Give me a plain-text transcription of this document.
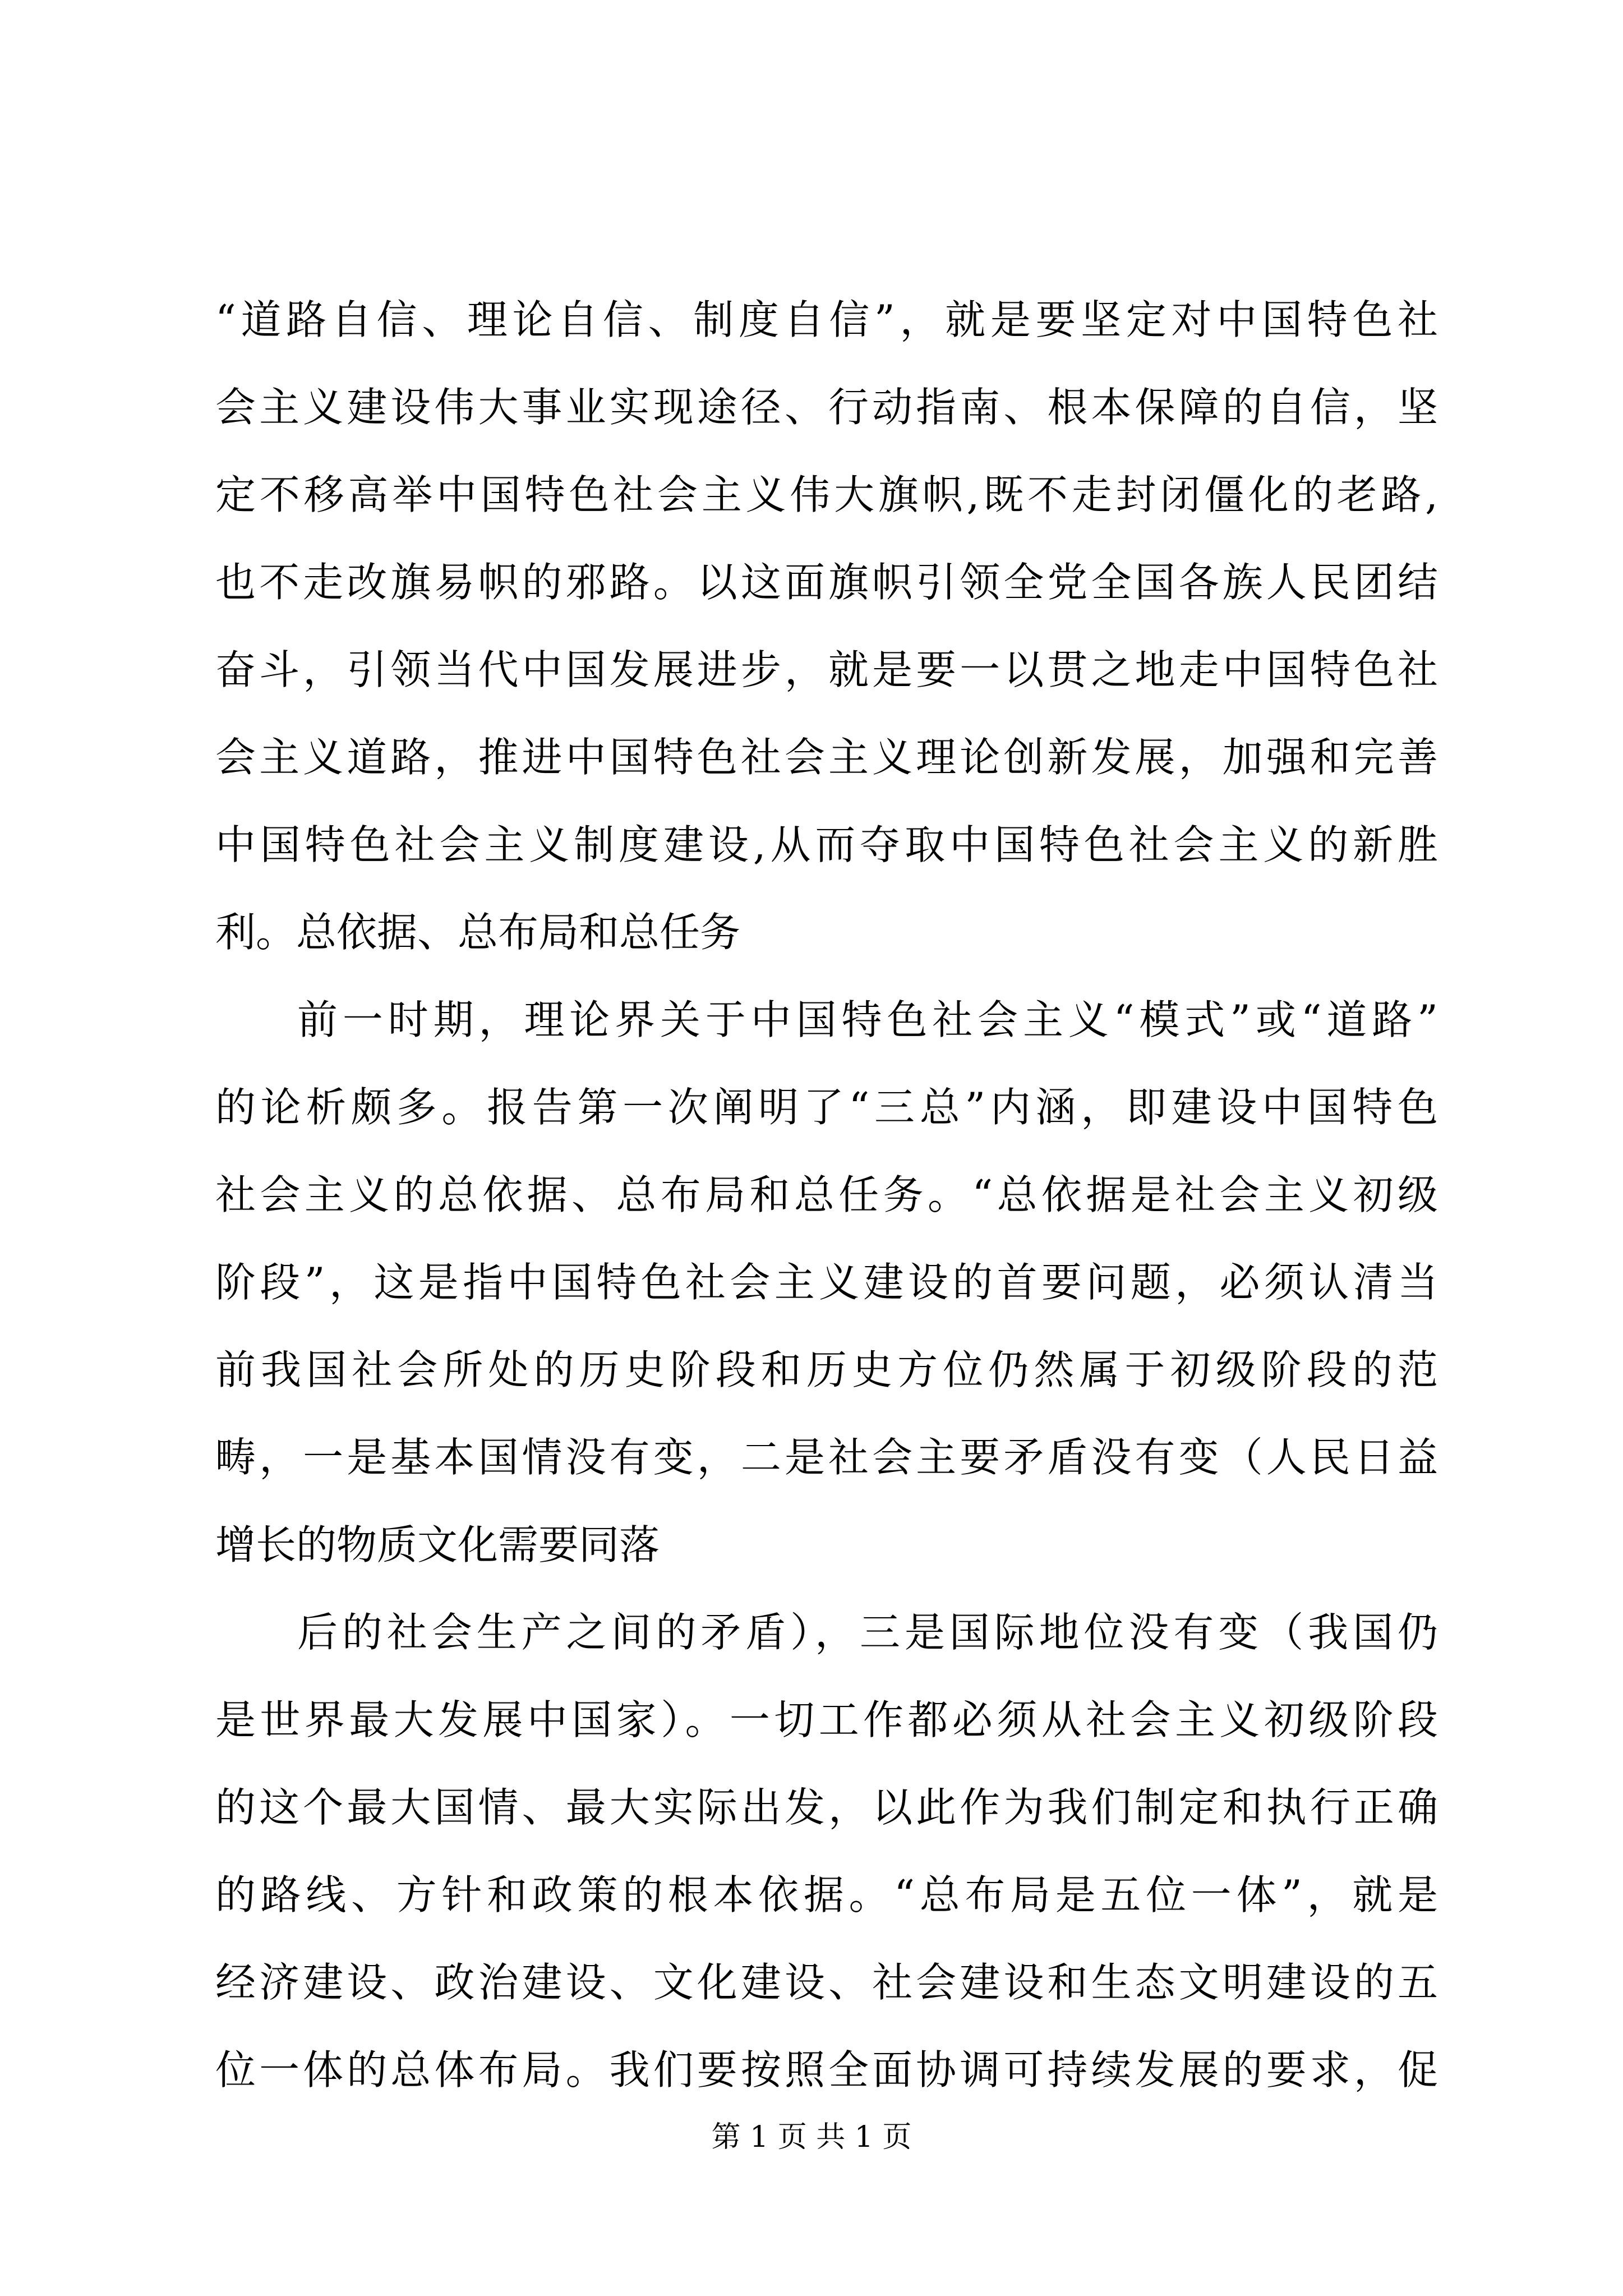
“道路自信、理论自信、制度自信”，就是要坚定对中国特色社
会主义建设伟大事业实现途径、行动指南、根本保障的自信，坚
定不移高举中国特色社会主义伟大旗帜,既不走封闭僵化的老路,
也不走改旗易帜的邪路。以这面旗帜引领全党全国各族人民团结
奋斗，引领当代中国发展进步，就是要一以贯之地走中国特色社
会主义道路，推进中国特色社会主义理论创新发展，加强和完善
中国特色社会主义制度建设,从而夺取中国特色社会主义的新胜
利。总依据、总布局和总任务
前一时期，理论界关于中国特色社会主义“模式”或“道路”
的论析颇多。报告第一次阐明了“三总”内涵，即建设中国特色
社会主义的总依据、总布局和总任务。“总依据是社会主义初级
阶段”，这是指中国特色社会主义建设的首要问题，必须认清当
前我国社会所处的历史阶段和历史方位仍然属于初级阶段的范
畴，一是基本国情没有变，二是社会主要矛盾没有变（人民日益
增长的物质文化需要同落
后的社会生产之间的矛盾），三是国际地位没有变（我国仍
是世界最大发展中国家）。一切工作都必须从社会主义初级阶段
的这个最大国情、最大实际出发，以此作为我们制定和执行正确
的路线、方针和政策的根本依据。“总布局是五位一体”，就是
经济建设、政治建设、文化建设、社会建设和生态文明建设的五
位一体的总体布局。我们要按照全面协调可持续发展的要求，促
第 1 页 共 1 页
